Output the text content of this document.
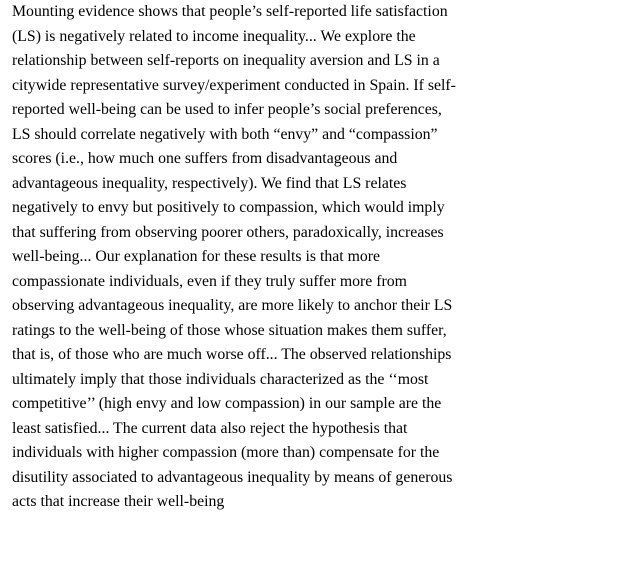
Mounting evidence shows that people’s self-reported life satisfaction
(LS) is negatively related to income inequality... We explore the
relationship between self-reports on inequality aversion and LS in a
citywide representative survey/experiment conducted in Spain. If self-
reported well-being can be used to infer people’s social preferences,
LS should correlate negatively with both “envy” and “compassion”
scores (i.e., how much one suffers from disadvantageous and
advantageous inequality, respectively). We find that LS relates
negatively to envy but positively to compassion, which would imply
that suffering from observing poorer others, paradoxically, increases
well-being... Our explanation for these results is that more
compassionate individuals, even if they truly suffer more from
observing advantageous inequality, are more likely to anchor their LS
ratings to the well-being of those whose situation makes them suffer,
that is, of those who are much worse off... The observed relationships
ultimately imply that those individuals characterized as the ‘‘most
competitive’’ (high envy and low compassion) in our sample are the
least satisfied... The current data also reject the hypothesis that
individuals with higher compassion (more than) compensate for the
disutility associated to advantageous inequality by means of generous
acts that increase their well-being
